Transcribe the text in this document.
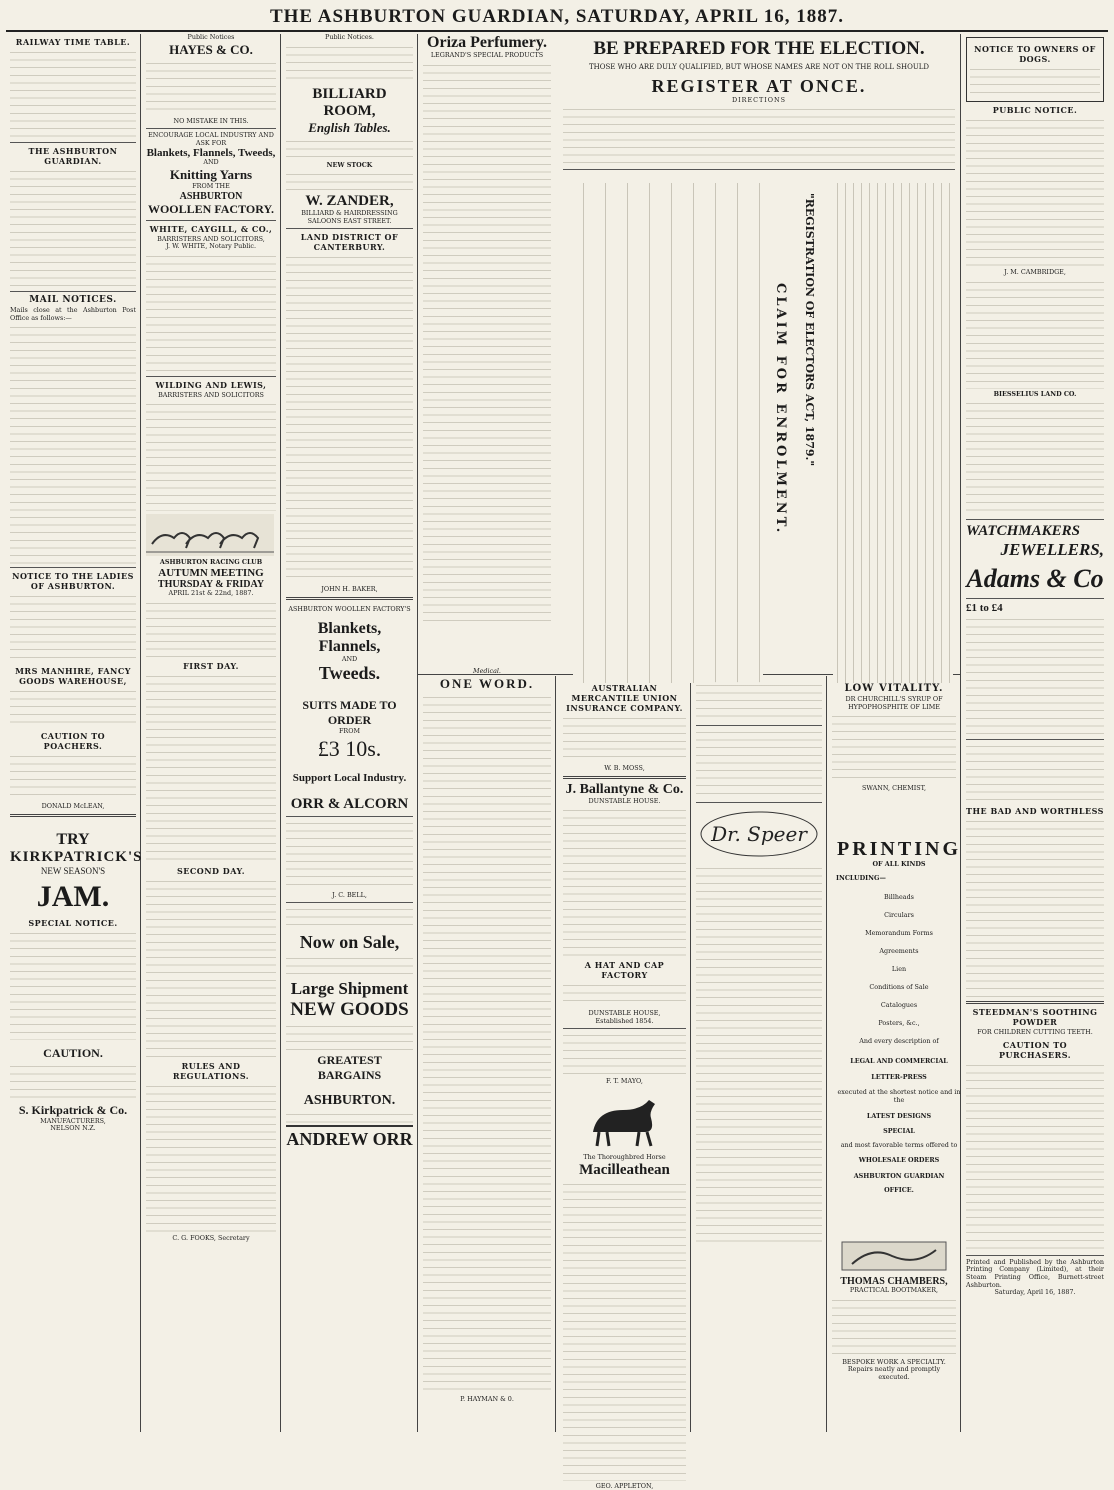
THE ASHBURTON GUARDIAN, SATURDAY, APRIL 16, 1887.
RAILWAY TIME TABLE.
THE ASHBURTON GUARDIAN.
MAIL NOTICES.
Mails close at the Ashburton Post Office as follows:—
NOTICE TO THE LADIES OF ASHBURTON.
MRS MANHIRE, FANCY GOODS WAREHOUSE,
CAUTION TO POACHERS.
DONALD McLEAN,
TRY
KIRKPATRICK'S
NEW SEASON'S
JAM.
SPECIAL NOTICE.
CAUTION.
S. Kirkpatrick & Co.
MANUFACTURERS,
NELSON N.Z.
Public Notices
HAYES & CO.
NO MISTAKE IN THIS.
ENCOURAGE LOCAL INDUSTRY AND ASK FOR
Blankets, Flannels, Tweeds,
AND
Knitting Yarns
FROM THE
ASHBURTON
WOOLLEN FACTORY.
WHITE, CAYGILL, & CO.,
BARRISTERS AND SOLICITORS,
J. W. WHITE, Notary Public.
WILDING AND LEWIS,
BARRISTERS AND SOLICITORS
ASHBURTON RACING CLUB
AUTUMN MEETING
THURSDAY & FRIDAY
APRIL 21st & 22nd, 1887.
FIRST DAY.
SECOND DAY.
RULES AND REGULATIONS.
C. G. FOOKS, Secretary
Public Notices.
BILLIARD ROOM,
English Tables.
NEW STOCK
W. ZANDER,
BILLIARD & HAIRDRESSING SALOONS EAST STREET.
LAND DISTRICT OF CANTERBURY.
JOHN H. BAKER,
ASHBURTON WOOLLEN FACTORY'S
Blankets, Flannels,
AND
Tweeds.
SUITS MADE TO ORDER
FROM
£3 10s.
Support Local Industry.
ORR & ALCORN
J. C. BELL,
Now on Sale,
Large Shipment
NEW GOODS
GREATEST BARGAINS
ASHBURTON.
ANDREW ORR
Oriza Perfumery.
LEGRAND'S SPECIAL PRODUCTS	BE PREPARED FOR THE ELECTION.
THOSE WHO ARE DULY QUALIFIED, BUT WHOSE NAMES ARE NOT ON THE ROLL SHOULD
REGISTER AT ONCE.
DIRECTIONS
"REGISTRATION OF ELECTORS ACT, 1879."
CLAIM FOR ENROLMENT.
Medical.
ONE WORD.
P. HAYMAN & 0.
AUSTRALIAN MERCANTILE UNION INSURANCE COMPANY.
W. B. MOSS,
J. Ballantyne & Co.
DUNSTABLE HOUSE.
A HAT AND CAP FACTORY
DUNSTABLE HOUSE,
Established 1854.
F. T. MAYO,
The Thoroughbred Horse
Macilleathean
GEO. APPLETON,
Dr. Speer
LOW VITALITY.
DR CHURCHILL'S SYRUP OF HYPOPHOSPHITE OF LIME
SWANN, CHEMIST,
PRINTING
OF ALL KINDS
INCLUDING—
Billheads
Circulars
Memorandum Forms
Agreements
Lien
Conditions of Sale
Catalogues
Posters, &c.,
And every description of
LEGAL AND COMMERCIAL
LETTER-PRESS
executed at the shortest notice and in the
LATEST DESIGNS
SPECIAL
and most favorable terms offered to
WHOLESALE ORDERS
ASHBURTON GUARDIAN
OFFICE.
THOMAS CHAMBERS,
PRACTICAL BOOTMAKER,
BESPOKE WORK A SPECIALTY.
Repairs neatly and promptly executed.
NOTICE TO OWNERS OF DOGS.
PUBLIC NOTICE.
J. M. CAMBRIDGE,
BIESSELIUS LAND CO.
WATCHMAKERS
JEWELLERS,
Adams & Co
£1 to £4
THE BAD AND WORTHLESS
STEEDMAN'S SOOTHING POWDER
FOR CHILDREN CUTTING TEETH.
CAUTION TO PURCHASERS.
Printed and Published by the Ashburton Printing Company (Limited), at their Steam Printing Office, Burnett-street Ashburton.
Saturday, April 16, 1887.
